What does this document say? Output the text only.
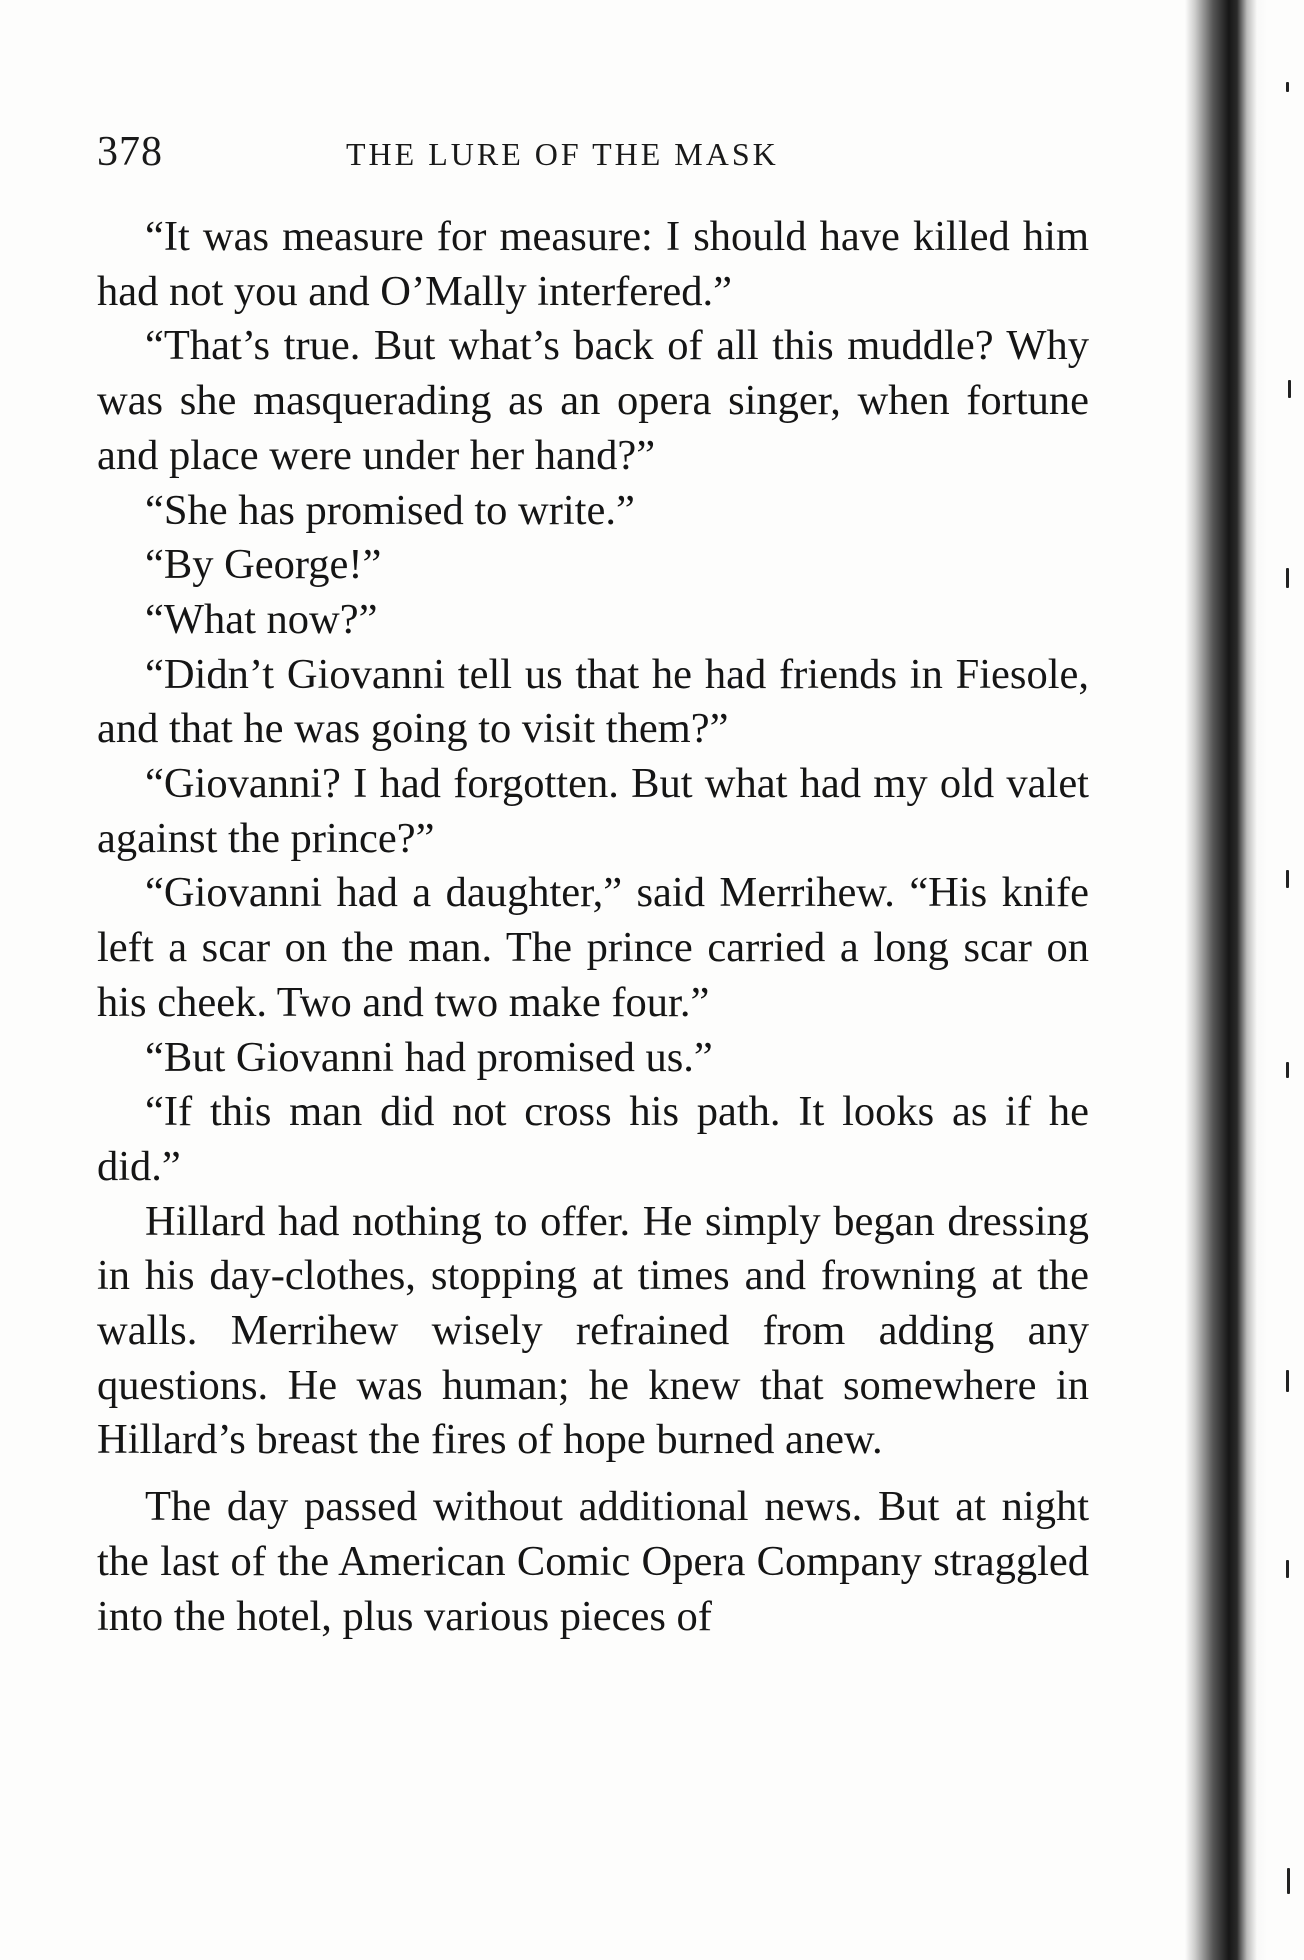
378	THE LURE OF THE MASK

“It was measure for measure: I should have killed him had not you and O’Mally interfered.”

“That’s true. But what’s back of all this muddle? Why was she masquerading as an opera singer, when fortune and place were under her hand?”

“She has promised to write.”

“By George!”

“What now?”

“Didn’t Giovanni tell us that he had friends in Fiesole, and that he was going to visit them?”

“Giovanni? I had forgotten. But what had my old valet against the prince?”

“Giovanni had a daughter,” said Merrihew. “His knife left a scar on the man. The prince carried a long scar on his cheek. Two and two make four.”

“But Giovanni had promised us.”

“If this man did not cross his path. It looks as if he did.”

Hillard had nothing to offer. He simply began dressing in his day-clothes, stopping at times and frowning at the walls. Merrihew wisely refrained from adding any questions. He was human; he knew that somewhere in Hillard’s breast the fires of hope burned anew.

The day passed without additional news. But at night the last of the American Comic Opera Company straggled into the hotel, plus various pieces of
